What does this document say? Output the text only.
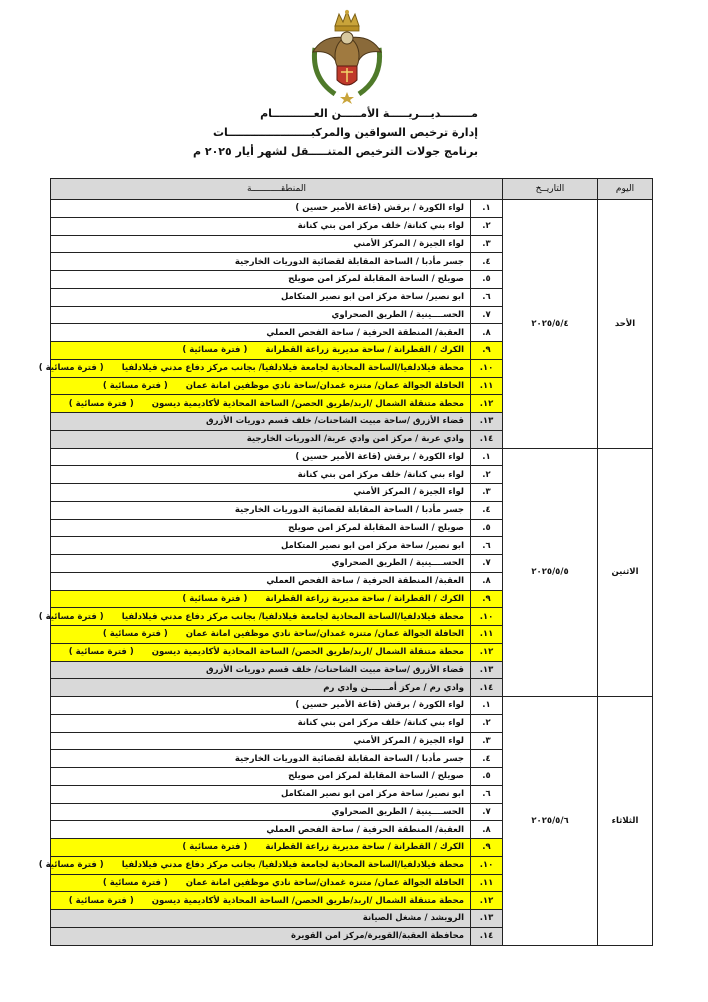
مــــــــديـــريـــــة الأمـــــن العـــــــــــام
إدارة ترخيص السواقين والمركبــــــــــــــــــــــات
برنامج جولات الترخيص المتنـــــقل لشهر أيار ٢٠٢٥ م
اليوم	التاريــخ	المنطقـــــــــــة	
الأحد	٢٠٢٥/٥/٤	١.	لواء الكورة / برقش (قاعة الأمير حسين )
		٢.	لواء بني كنانة/ خلف مركز امن بني كنانة
		٣.	لواء الجيزة / المركز الأمني
		٤.	جسر مأدبا / الساحة المقابلة لقضائية الدوريات الخارجية
		٥.	صويلح / الساحة المقابلة لمركز امن صويلح
		٦.	ابو نصير/ ساحة مركز امن ابو نصير المتكامل
		٧.	الحســــينية / الطريق الصحراوي
		٨.	العقبة/ المنطقة الحرفية / ساحة الفحص العملي
		٩.	الكرك / القطرانة / ساحة مديرية زراعة القطرانة( فترة مسائية )
		١٠.	محطة فيلادلفيا/الساحة المحاذية لجامعة فيلادلفيا/ بجانب مركز دفاع مدني فيلادلفيا( فترة مسائية )
		١١.	الحافلة الجوالة عمان/ متنزه غمدان/ساحة نادي موظفين امانة عمان( فترة مسائية )
		١٢.	محطة متنقلة الشمال /اربد/طريق الحصن/ الساحة المحاذية لأكاديمية ديسون( فترة مسائية )
		١٣.	قضاء الأزرق /ساحة مبيت الشاحنات/ خلف قسم دوريات الأزرق
		١٤.	وادي عربة / مركز امن وادي عربة/ الدوريات الخارجية
الاثنين	٢٠٢٥/٥/٥	١.	لواء الكورة / برقش (قاعة الأمير حسين )
		٢.	لواء بني كنانة/ خلف مركز امن بني كنانة
		٣.	لواء الجيزة / المركز الأمني
		٤.	جسر مأدبا / الساحة المقابلة لقضائية الدوريات الخارجية
		٥.	صويلح / الساحة المقابلة لمركز امن صويلح
		٦.	ابو نصير/ ساحة مركز امن ابو نصير المتكامل
		٧.	الحســــينية / الطريق الصحراوي
		٨.	العقبة/ المنطقة الحرفية / ساحة الفحص العملي
		٩.	الكرك / القطرانة / ساحة مديرية زراعة القطرانة( فترة مسائية )
		١٠.	محطة فيلادلفيا/الساحة المحاذية لجامعة فيلادلفيا/ بجانب مركز دفاع مدني فيلادلفيا( فترة مسائية )
		١١.	الحافلة الجوالة عمان/ متنزه غمدان/ساحة نادي موظفين امانة عمان( فترة مسائية )
		١٢.	محطة متنقلة الشمال /اربد/طريق الحصن/ الساحة المحاذية لأكاديمية ديسون( فترة مسائية )
		١٣.	قضاء الأزرق /ساحة مبيت الشاحنات/ خلف قسم دوريات الأزرق
		١٤.	وادي رم / مركز أمـــــــن وادي رم
الثلاثاء	٢٠٢٥/٥/٦	١.	لواء الكورة / برقش (قاعة الأمير حسين )
		٢.	لواء بني كنانة/ خلف مركز امن بني كنانة
		٣.	لواء الجيزة / المركز الأمني
		٤.	جسر مأدبا / الساحة المقابلة لقضائية الدوريات الخارجية
		٥.	صويلح / الساحة المقابلة لمركز امن صويلح
		٦.	ابو نصير/ ساحة مركز امن ابو نصير المتكامل
		٧.	الحســــينية / الطريق الصحراوي
		٨.	العقبة/ المنطقة الحرفية / ساحة الفحص العملي
		٩.	الكرك / القطرانة / ساحة مديرية زراعة القطرانة( فترة مسائية )
		١٠.	محطة فيلادلفيا/الساحة المحاذية لجامعة فيلادلفيا/ بجانب مركز دفاع مدني فيلادلفيا( فترة مسائية )
		١١.	الحافلة الجوالة عمان/ متنزه غمدان/ساحة نادي موظفين امانة عمان( فترة مسائية )
		١٢.	محطة متنقلة الشمال /اربد/طريق الحصن/ الساحة المحاذية لأكاديمية ديسون( فترة مسائية )
		١٣.	الرويشد / مشغل الصيانة
		١٤.	محافظة العقبة/القويرة/مركز امن القويرة
